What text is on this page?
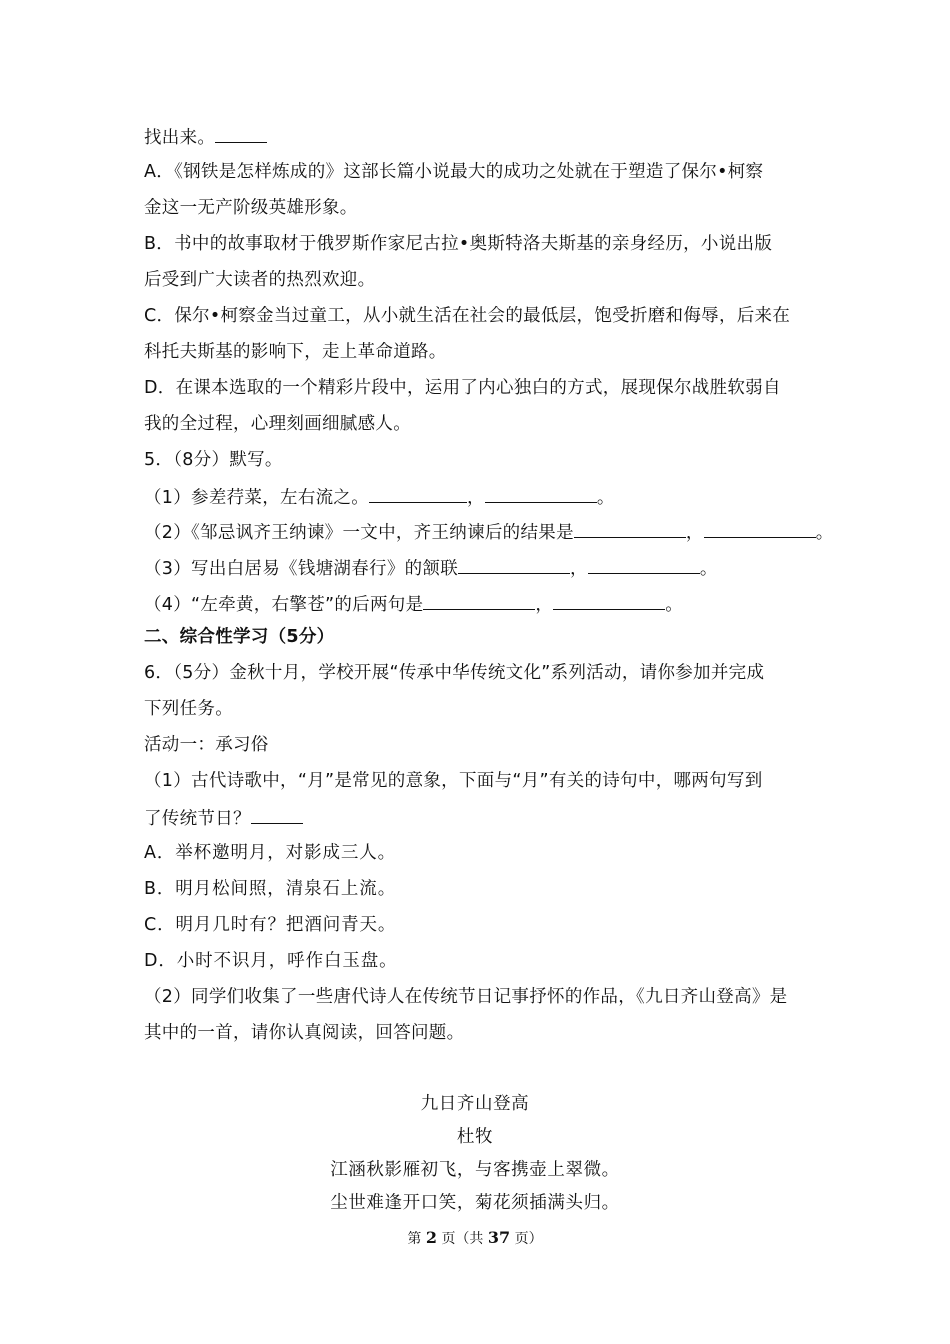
找出来。
A．《钢铁是怎样炼成的》这部长篇小说最大的成功之处就在于塑造了保尔•柯察
金这一无产阶级英雄形象。
B．书中的故事取材于俄罗斯作家尼古拉•奥斯特洛夫斯基的亲身经历，小说出版
后受到广大读者的热烈欢迎。
C．保尔•柯察金当过童工，从小就生活在社会的最低层，饱受折磨和侮辱，后来在
科托夫斯基的影响下，走上革命道路。
D．在课本选取的一个精彩片段中，运用了内心独白的方式，展现保尔战胜软弱自
我的全过程，心理刻画细腻感人。
5．（8分）默写。
（1）参差荇菜，左右流之。	，	。
（2）《邹忌讽齐王纳谏》一文中，齐王纳谏后的结果是	，	。
（3）写出白居易《钱塘湖春行》的颔联	，	。
（4）“左牵黄，右擎苍”的后两句是	，	。
二、综合性学习（5分）
6．（5分）金秋十月，学校开展“传承中华传统文化”系列活动，请你参加并完成
下列任务。
活动一：承习俗
（1）古代诗歌中，“月”是常见的意象，下面与“月”有关的诗句中，哪两句写到
了传统节日？
A．举杯邀明月，对影成三人。
B．明月松间照，清泉石上流。
C．明月几时有？把酒问青天。
D．小时不识月，呼作白玉盘。
（2）同学们收集了一些唐代诗人在传统节日记事抒怀的作品，《九日齐山登高》是
其中的一首，请你认真阅读，回答问题。
九日齐山登高
杜牧
江涵秋影雁初飞，与客携壶上翠微。
尘世难逢开口笑，菊花须插满头归。
第 2 页（共 37 页）
